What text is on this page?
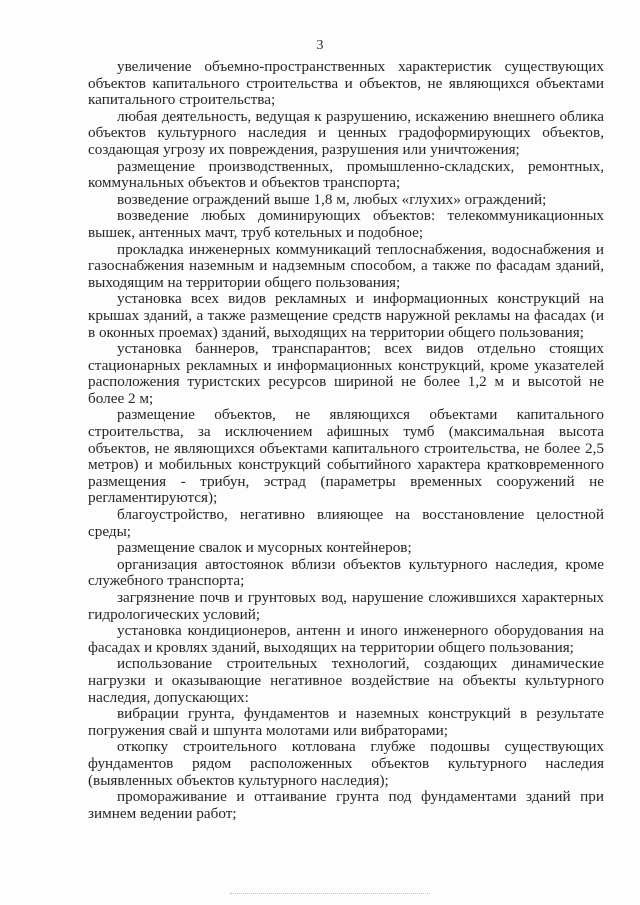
3

увеличение объемно-пространственных характеристик существующих объектов капитального строительства и объектов, не являющихся объектами капитального строительства;

любая деятельность, ведущая к разрушению, искажению внешнего облика объектов культурного наследия и ценных градоформирующих объектов, создающая угрозу их повреждения, разрушения или уничтожения;

размещение производственных, промышленно-складских, ремонтных, коммунальных объектов и объектов транспорта;

возведение ограждений выше 1,8 м, любых «глухих» ограждений;

возведение любых доминирующих объектов: телекоммуникационных вышек, антенных мачт, труб котельных и подобное;

прокладка инженерных коммуникаций теплоснабжения, водоснабжения и газоснабжения наземным и надземным способом, а также по фасадам зданий, выходящим на территории общего пользования;

установка всех видов рекламных и информационных конструкций на крышах зданий, а также размещение средств наружной рекламы на фасадах (и в оконных проемах) зданий, выходящих на территории общего пользования;

установка баннеров, транспарантов; всех видов отдельно стоящих стационарных рекламных и информационных конструкций, кроме указателей расположения туристских ресурсов шириной не более 1,2 м и высотой не более 2 м;

размещение объектов, не являющихся объектами капитального строительства, за исключением афишных тумб (максимальная высота объектов, не являющихся объектами капитального строительства, не более 2,5 метров) и мобильных конструкций событийного характера кратковременного размещения - трибун, эстрад (параметры временных сооружений не регламентируются);

благоустройство, негативно влияющее на восстановление целостной среды;

размещение свалок и мусорных контейнеров;

организация автостоянок вблизи объектов культурного наследия, кроме служебного транспорта;

загрязнение почв и грунтовых вод, нарушение сложившихся характерных гидрологических условий;

установка кондиционеров, антенн и иного инженерного оборудования на фасадах и кровлях зданий, выходящих на территории общего пользования;

использование строительных технологий, создающих динамические нагрузки и оказывающие негативное воздействие на объекты культурного наследия, допускающих:

вибрации грунта, фундаментов и наземных конструкций в результате погружения свай и шпунта молотами или вибраторами;

откопку строительного котлована глубже подошвы существующих фундаментов рядом расположенных объектов культурного наследия (выявленных объектов культурного наследия);

промораживание и оттаивание грунта под фундаментами зданий при зимнем ведении работ;
